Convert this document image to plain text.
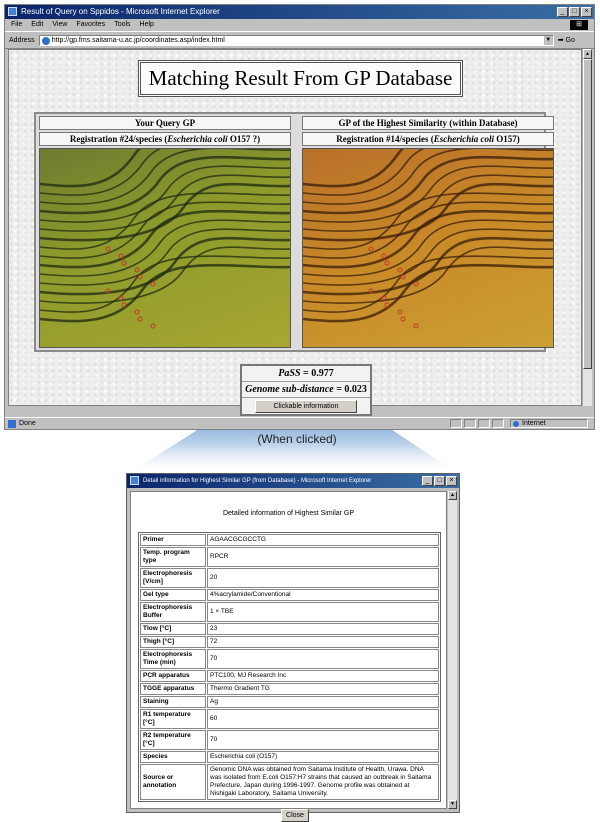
Result of Query on Sppidos - Microsoft Internet Explorer	_	□	×
File Edit View Favorites Tools Help	⊞
Address	http://gp.fms.saitama-u.ac.jp/coordinates.asp/index.html	▼ ➡ Go
Matching Result From GP Database
Your Query GP
Registration #24/species (Escherichia coli O157 ?)
GP of the Highest Similarity (within Database)
Registration #14/species (Escherichia coli O157)
PaSS = 0.977
Genome sub-distance = 0.023
Clickable information
▲
Done	Internet
(When clicked)
Detail information for Highest Similar GP (from Database) - Microsoft Internet Explorer	_	□	×
Detailed information of Highest Similar GP
Primer	AGAACGCGCCTG
Temp. program type	RPCR
Electrophoresis [V/cm]	20
Gel type	4%acrylamide/Conventional
Electrophoresis Buffer	1 × TBE
Tlow [°C]	23
Thigh [°C]	72
Electrophoresis Time (min)	70
PCR apparatus	PTC100, MJ Research Inc
TGGE apparatus	Thermo Gradient TG
Staining	Ag
R1 temperature [°C]	60
R2 temperature [°C]	70
Species	Escherichia coli (O157)
Source or annotation	Genomic DNA was obtained from Saitama Institute of Health, Urawa. DNA was isolated from E.coli O157:H7 strains that caused an outbreak in Saitama Prefecture, Japan during 1996-1997. Genome profile was obtained at Nishigaki Laboratory, Saitama University.
Close
▲
▼
